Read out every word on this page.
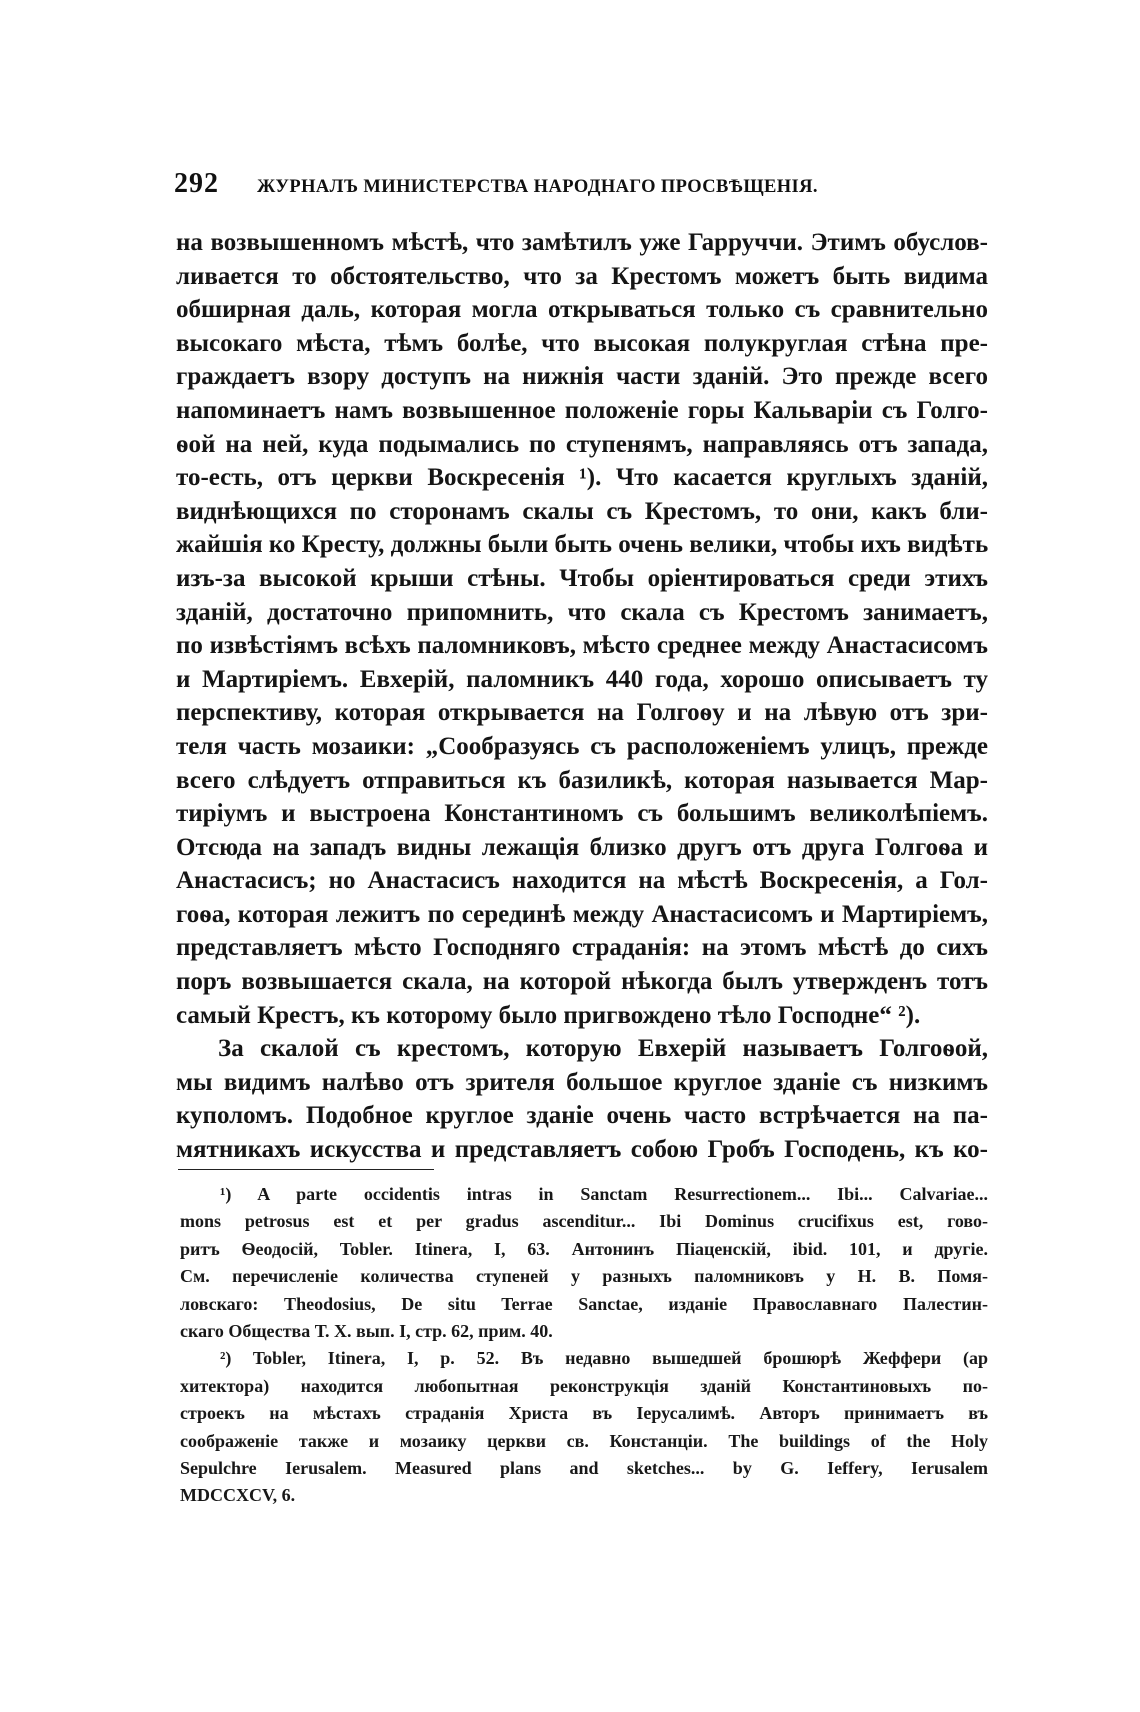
292 ЖУРНАЛЪ МИНИСТЕРСТВА НАРОДНАГО ПРОСВѢЩЕНІЯ.
на возвышенномъ мѣстѣ, что замѣтилъ уже Гарруччи. Этимъ обуслов-
ливается то обстоятельство, что за Крестомъ можетъ быть видима
обширная даль, которая могла открываться только съ сравнительно
высокаго мѣста, тѣмъ болѣе, что высокая полукруглая стѣна пре-
граждаетъ взору доступъ на нижнія части зданій. Это прежде всего
напоминаетъ намъ возвышенное положеніе горы Кальваріи съ Голго-
ѳой на ней, куда подымались по ступенямъ, направляясь отъ запада,
то-есть, отъ церкви Воскресенія ¹). Что касается круглыхъ зданій,
виднѣющихся по сторонамъ скалы съ Крестомъ, то они, какъ бли-
жайшія ко Кресту, должны были быть очень велики, чтобы ихъ видѣть
изъ-за высокой крыши стѣны. Чтобы оріентироваться среди этихъ
зданій, достаточно припомнить, что скала съ Крестомъ занимаетъ,
по извѣстіямъ всѣхъ паломниковъ, мѣсто среднее между Анастасисомъ
и Мартиріемъ. Евхерій, паломникъ 440 года, хорошо описываетъ ту
перспективу, которая открывается на Голгоѳу и на лѣвую отъ зри-
теля часть мозаики: „Сообразуясь съ расположеніемъ улицъ, прежде
всего слѣдуетъ отправиться къ базиликѣ, которая называется Мар-
тиріумъ и выстроена Константиномъ съ большимъ великолѣпіемъ.
Отсюда на западъ видны лежащія близко другъ отъ друга Голгоѳа и
Анастасисъ; но Анастасисъ находится на мѣстѣ Воскресенія, а Гол-
гоѳа, которая лежитъ по серединѣ между Анастасисомъ и Мартиріемъ,
представляетъ мѣсто Господняго страданія: на этомъ мѣстѣ до сихъ
поръ возвышается скала, на которой нѣкогда былъ утвержденъ тотъ
самый Крестъ, къ которому было пригвождено тѣло Господне“ ²).
За скалой съ крестомъ, которую Евхерій называетъ Голгоѳой,
мы видимъ налѣво отъ зрителя большое круглое зданіе съ низкимъ
куполомъ. Подобное круглое зданіе очень часто встрѣчается на па-
мятникахъ искусства и представляетъ собою Гробъ Господень, къ ко-
¹) A parte occidentis intras in Sanctam Resurrectionem... Ibi... Calvariae...
mons petrosus est et per gradus ascenditur... Ibi Dominus crucifixus est, гово-
ритъ Ѳеодосій, Tobler. Itinera, I, 63. Антонинъ Піаценскій, ibid. 101, и другіе.
См. перечисленіе количества ступеней у разныхъ паломниковъ у Н. В. Помя-
ловскаго: Theodosius, De situ Terrae Sanctae, изданіе Православнаго Палестин-
скаго Общества Т. X. вып. I, стр. 62, прим. 40.
²) Tobler, Itinera, I, p. 52. Въ недавно вышедшей брошюрѣ Жеффери (ар
хитектора) находится любопытная реконструкція зданій Константиновыхъ по-
строекъ на мѣстахъ страданія Христа въ Іерусалимѣ. Авторъ принимаетъ въ
соображеніе также и мозаику церкви св. Констанціи. The buildings of the Holy
Sepulchre Ierusalem. Measured plans and sketches... by G. Ieffery, Ierusalem
MDCCXCV, 6.
